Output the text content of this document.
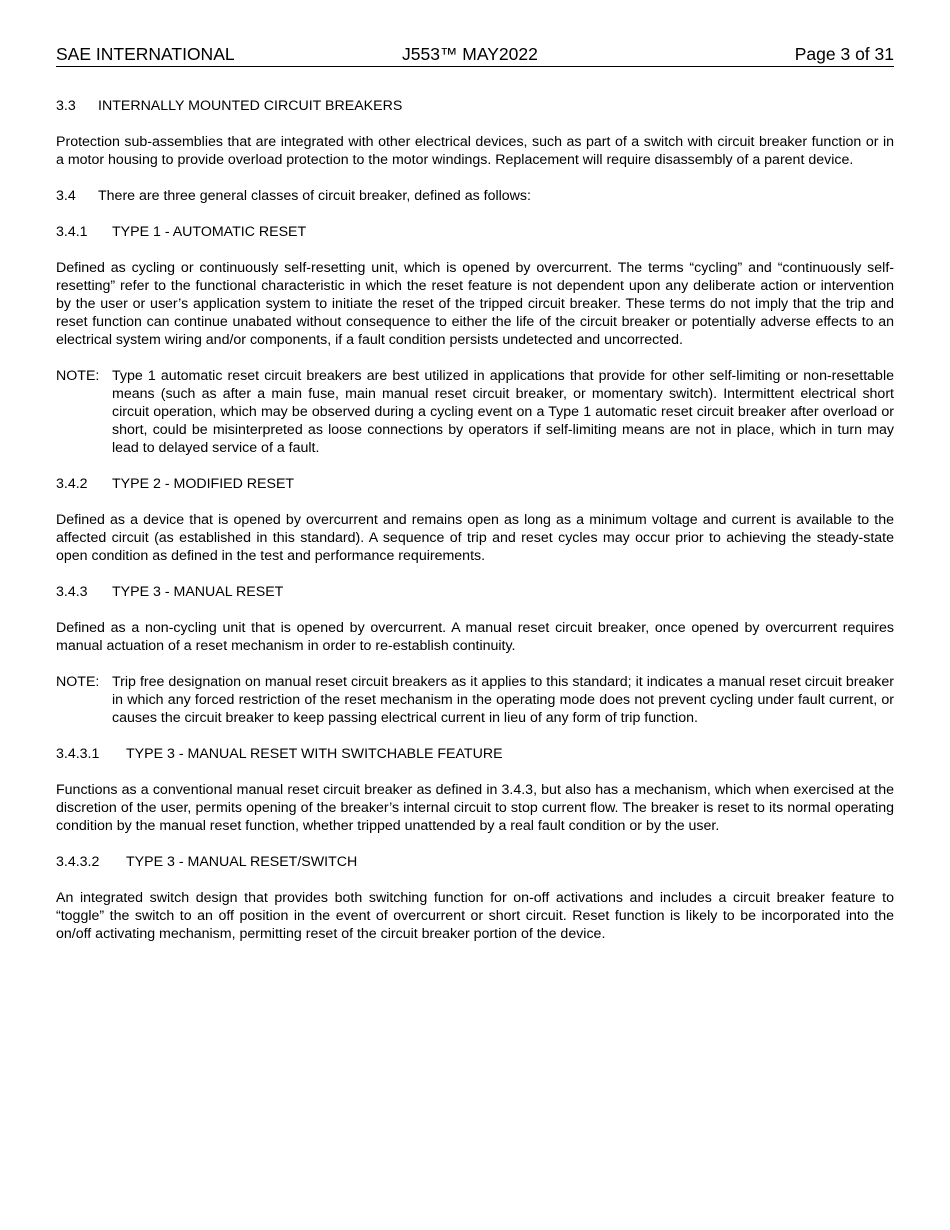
SAE INTERNATIONAL	J553™ MAY2022	Page 3 of 31
3.3 INTERNALLY MOUNTED CIRCUIT BREAKERS

Protection sub-assemblies that are integrated with other electrical devices, such as part of a switch with circuit breaker function or in a motor housing to provide overload protection to the motor windings. Replacement will require disassembly of a parent device.

3.4 There are three general classes of circuit breaker, defined as follows:
3.4.1 TYPE 1 - AUTOMATIC RESET

Defined as cycling or continuously self-resetting unit, which is opened by overcurrent. The terms “cycling” and “continuously self-resetting” refer to the functional characteristic in which the reset feature is not dependent upon any deliberate action or intervention by the user or user’s application system to initiate the reset of the tripped circuit breaker. These terms do not imply that the trip and reset function can continue unabated without consequence to either the life of the circuit breaker or potentially adverse effects to an electrical system wiring and/or components, if a fault condition persists undetected and uncorrected.

NOTE: Type 1 automatic reset circuit breakers are best utilized in applications that provide for other self-limiting or non-resettable means (such as after a main fuse, main manual reset circuit breaker, or momentary switch). Intermittent electrical short circuit operation, which may be observed during a cycling event on a Type 1 automatic reset circuit breaker after overload or short, could be misinterpreted as loose connections by operators if self-limiting means are not in place, which in turn may lead to delayed service of a fault.
3.4.2 TYPE 2 - MODIFIED RESET

Defined as a device that is opened by overcurrent and remains open as long as a minimum voltage and current is available to the affected circuit (as established in this standard). A sequence of trip and reset cycles may occur prior to achieving the steady-state open condition as defined in the test and performance requirements.

3.4.3 TYPE 3 - MANUAL RESET

Defined as a non-cycling unit that is opened by overcurrent. A manual reset circuit breaker, once opened by overcurrent requires manual actuation of a reset mechanism in order to re-establish continuity.

NOTE: Trip free designation on manual reset circuit breakers as it applies to this standard; it indicates a manual reset circuit breaker in which any forced restriction of the reset mechanism in the operating mode does not prevent cycling under fault current, or causes the circuit breaker to keep passing electrical current in lieu of any form of trip function.
3.4.3.1 TYPE 3 - MANUAL RESET WITH SWITCHABLE FEATURE

Functions as a conventional manual reset circuit breaker as defined in 3.4.3, but also has a mechanism, which when exercised at the discretion of the user, permits opening of the breaker’s internal circuit to stop current flow. The breaker is reset to its normal operating condition by the manual reset function, whether tripped unattended by a real fault condition or by the user.

3.4.3.2 TYPE 3 - MANUAL RESET/SWITCH

An integrated switch design that provides both switching function for on-off activations and includes a circuit breaker feature to “toggle” the switch to an off position in the event of overcurrent or short circuit. Reset function is likely to be incorporated into the on/off activating mechanism, permitting reset of the circuit breaker portion of the device.
